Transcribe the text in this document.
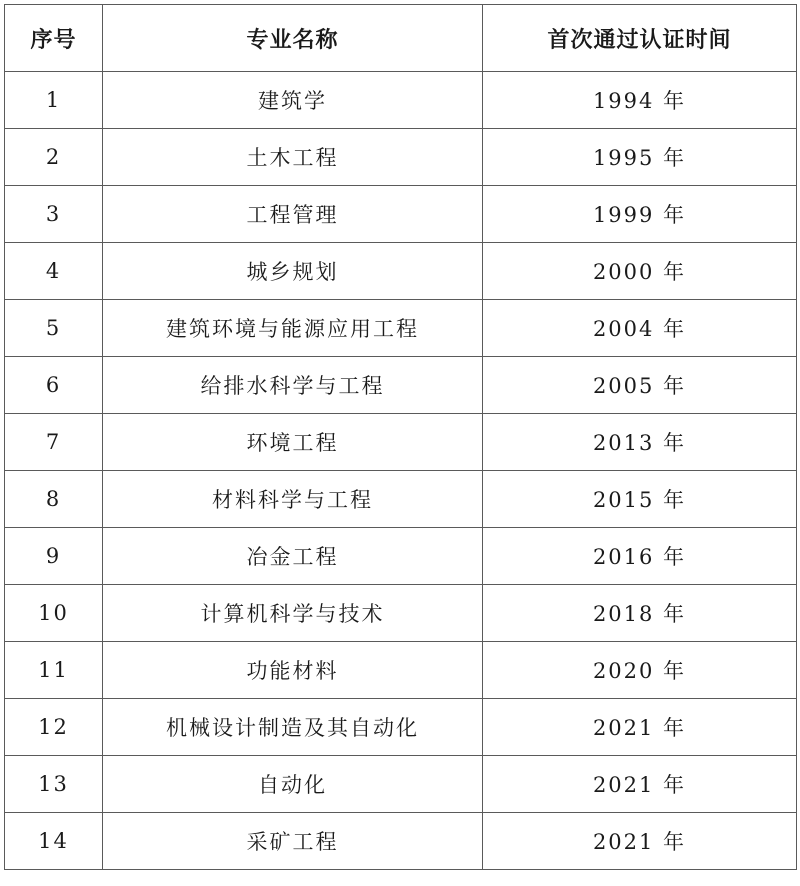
序号	专业名称	首次通过认证时间
1	建筑学	1994 年
2	土木工程	1995 年
3	工程管理	1999 年
4	城乡规划	2000 年
5	建筑环境与能源应用工程	2004 年
6	给排水科学与工程	2005 年
7	环境工程	2013 年
8	材料科学与工程	2015 年
9	冶金工程	2016 年
10	计算机科学与技术	2018 年
11	功能材料	2020 年
12	机械设计制造及其自动化	2021 年
13	自动化	2021 年
14	采矿工程	2021 年
